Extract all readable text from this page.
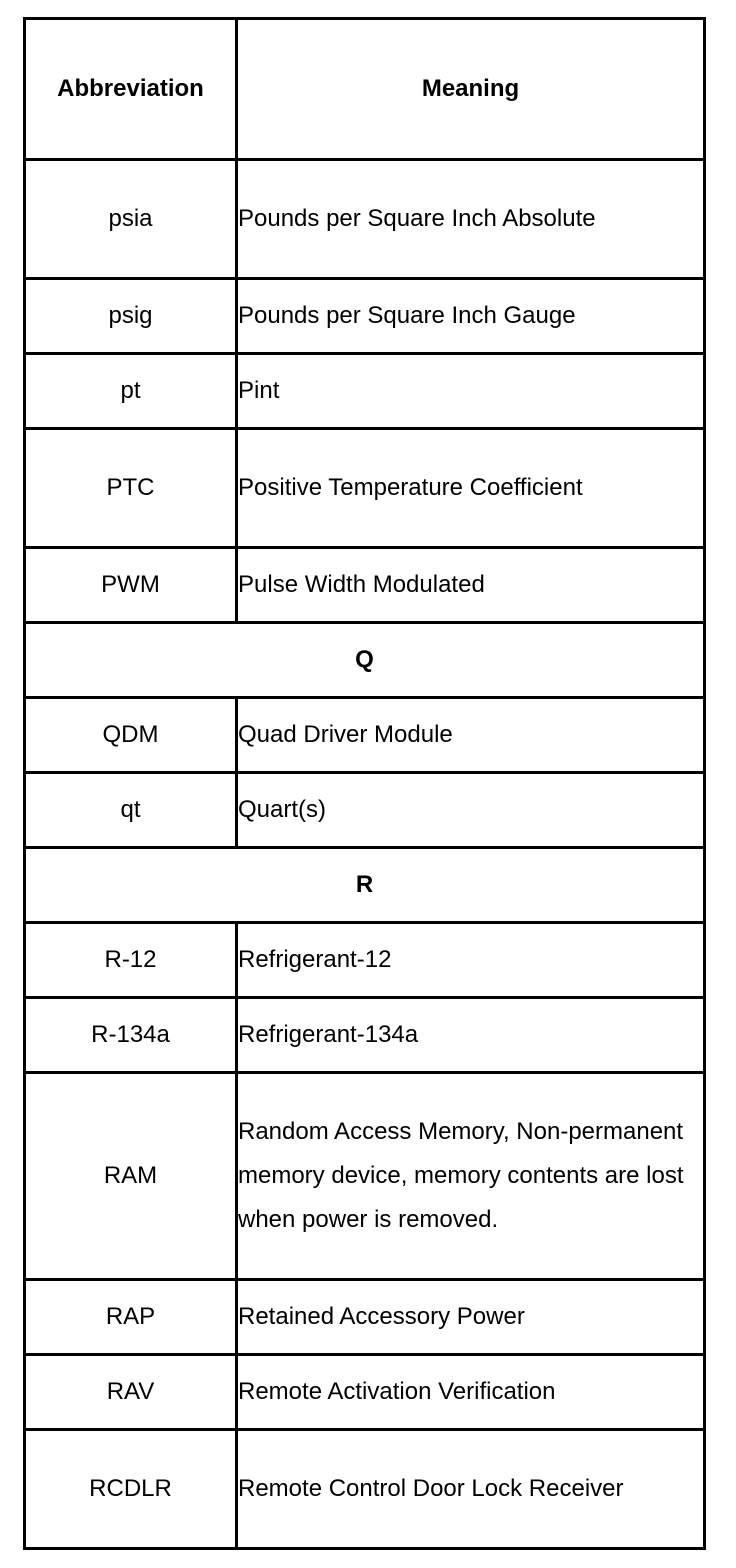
Abbreviation	Meaning
psia	Pounds per Square Inch Absolute
psig	Pounds per Square Inch Gauge
pt	Pint
PTC	Positive Temperature Coefficient
PWM	Pulse Width Modulated
Q	
QDM	Quad Driver Module
qt	Quart(s)
R	
R-12	Refrigerant-12
R-134a	Refrigerant-134a
RAM	Random Access Memory, Non-permanent memory device, memory contents are lost when power is removed.
RAP	Retained Accessory Power
RAV	Remote Activation Verification
RCDLR	Remote Control Door Lock Receiver
